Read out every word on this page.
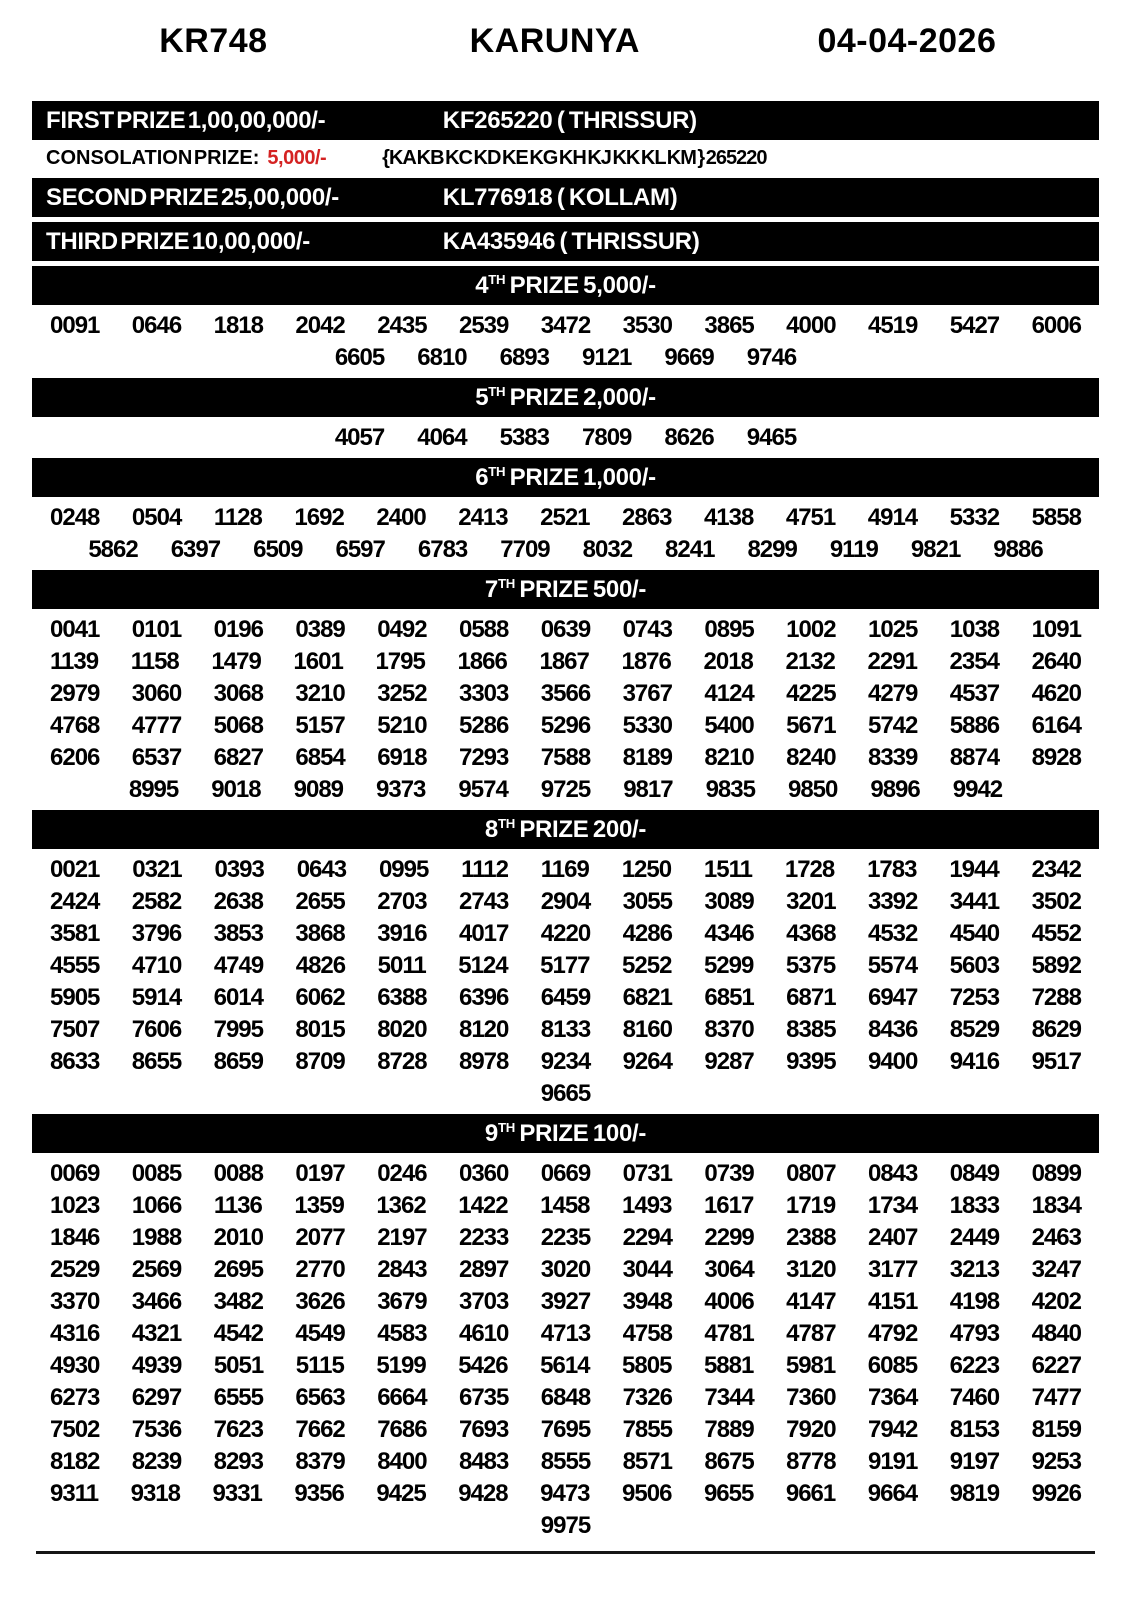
KR748	KARUNYA	04-04-2026
FIRST PRIZE 1,00,00,000/-	KF265220 ( THRISSUR)
CONSOLATION PRIZE: 5,000/-	{KA KB KC KD KE KG KH KJ KK KL KM } 265220
SECOND PRIZE 25,00,000/-	KL776918 ( KOLLAM)
THIRD PRIZE 10,00,000/-	KA435946 ( THRISSUR)
4TH PRIZE 5,000/-
0091 0646 1818 2042 2435 2539 3472 3530 3865 4000 4519 5427 6006
6605 6810 6893 9121 9669 9746
5TH PRIZE 2,000/-
4057 4064 5383 7809 8626 9465
6TH PRIZE 1,000/-
0248 0504 1128 1692 2400 2413 2521 2863 4138 4751 4914 5332 5858
5862 6397 6509 6597 6783 7709 8032 8241 8299 9119 9821 9886
7TH PRIZE 500/-
0041 0101 0196 0389 0492 0588 0639 0743 0895 1002 1025 1038 1091
1139 1158 1479 1601 1795 1866 1867 1876 2018 2132 2291 2354 2640
2979 3060 3068 3210 3252 3303 3566 3767 4124 4225 4279 4537 4620
4768 4777 5068 5157 5210 5286 5296 5330 5400 5671 5742 5886 6164
6206 6537 6827 6854 6918 7293 7588 8189 8210 8240 8339 8874 8928
8995 9018 9089 9373 9574 9725 9817 9835 9850 9896 9942
8TH PRIZE 200/-
0021 0321 0393 0643 0995 1112 1169 1250 1511 1728 1783 1944 2342
2424 2582 2638 2655 2703 2743 2904 3055 3089 3201 3392 3441 3502
3581 3796 3853 3868 3916 4017 4220 4286 4346 4368 4532 4540 4552
4555 4710 4749 4826 5011 5124 5177 5252 5299 5375 5574 5603 5892
5905 5914 6014 6062 6388 6396 6459 6821 6851 6871 6947 7253 7288
7507 7606 7995 8015 8020 8120 8133 8160 8370 8385 8436 8529 8629
8633 8655 8659 8709 8728 8978 9234 9264 9287 9395 9400 9416 9517
9665
9TH PRIZE 100/-
0069 0085 0088 0197 0246 0360 0669 0731 0739 0807 0843 0849 0899
1023 1066 1136 1359 1362 1422 1458 1493 1617 1719 1734 1833 1834
1846 1988 2010 2077 2197 2233 2235 2294 2299 2388 2407 2449 2463
2529 2569 2695 2770 2843 2897 3020 3044 3064 3120 3177 3213 3247
3370 3466 3482 3626 3679 3703 3927 3948 4006 4147 4151 4198 4202
4316 4321 4542 4549 4583 4610 4713 4758 4781 4787 4792 4793 4840
4930 4939 5051 5115 5199 5426 5614 5805 5881 5981 6085 6223 6227
6273 6297 6555 6563 6664 6735 6848 7326 7344 7360 7364 7460 7477
7502 7536 7623 7662 7686 7693 7695 7855 7889 7920 7942 8153 8159
8182 8239 8293 8379 8400 8483 8555 8571 8675 8778 9191 9197 9253
9311 9318 9331 9356 9425 9428 9473 9506 9655 9661 9664 9819 9926
9975
